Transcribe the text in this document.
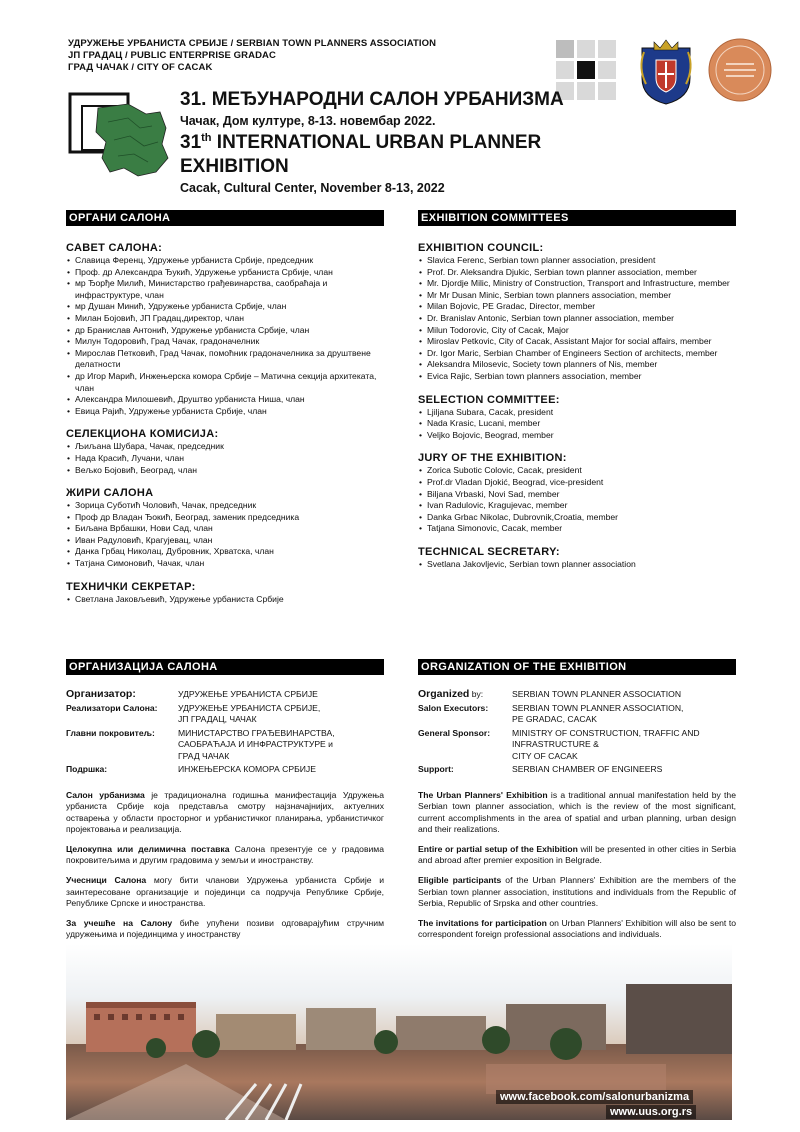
УДРУЖЕЊЕ УРБАНИСТА СРБИЈЕ / SERBIAN TOWN PLANNERS ASSOCIATION
ЈП ГРАДАЦ / PUBLIC ENTERPRISE GRADAC
ГРАД ЧАЧАК / CITY OF CACAK
31. МЕЂУНАРОДНИ САЛОН УРБАНИЗМА
Чачак, Дом културе, 8-13. новембар 2022.
31th INTERNATIONAL URBAN PLANNER EXHIBITION
Cacak, Cultural Center, November 8-13, 2022
ОРГАНИ САЛОНА
САВЕТ САЛОНА:
• Славица Ференц, Удружење урбаниста Србије, председник
• Проф. др Александра Ђукић, Удружење урбаниста Србије, члан
• мр Ђорђе Милић, Министарство грађевинарства, саобраћаја и инфраструктуре, члан
• мр Душан Минић, Удружење урбаниста Србије, члан
• Милан Бојовић, ЈП Градац,директор, члан
• др Бранислав Антонић, Удружење урбаниста Србије, члан
• Милун Тодоровић, Град Чачак, градоначелник
• Мирослав Петковић, Град Чачак, помоћник градоначелника за друштвене делатности
• др Игор Марић, Инжењерска комора Србије – Матична секција архитеката, члан
• Александра Милошевић, Друштво урбаниста Ниша, члан
• Евица Рајић, Удружење урбаниста Србије, члан
СЕЛЕКЦИОНА КОМИСИЈА:
• Љиљана Шубара, Чачак, председник
• Нада Красић, Лучани, члан
• Вељко Бојовић, Београд, члан
ЖИРИ САЛОНА
• Зорица Суботић Чоловић, Чачак, председник
• Проф др Владан Ђокић, Београд, заменик председника
• Биљана Врбашки, Нови Сад, члан
• Иван Радуловић, Крагујевац, члан
• Данка Грбац Николац, Дубровник, Хрватска, члан
• Татјана Симоновић, Чачак, члан
ТЕХНИЧКИ СЕКРЕТАР:
• Светлана Јаковљевић, Удружење урбаниста Србије
EXHIBITION COMMITTEES
EXHIBITION COUNCIL:
• Slavica Ferenc, Serbian town planner association, president
• Prof. Dr. Aleksandra Djukic, Serbian town planner association, member
• Mr. Djordje Milic, Ministry of Construction, Transport and Infrastructure, member
• Mr Mr Dusan Minic, Serbian town planners association, member
• Milan Bojovic, PE Gradac, Director, member
• Dr. Branislav Antonic, Serbian town planner association, member
• Milun Todorovic, City of Cacak, Major
• Miroslav Petkovic, City of Cacak, Assistant Major for social affairs, member
• Dr. Igor Maric, Serbian Chamber of Engineers Section of architects, member
• Aleksandra Milosevic, Society town planners of Nis, member
• Evica Rajic, Serbian town planners association, member
SELECTION COMMITTEE:
• Ljiljana Subara, Cacak, president
• Nada Krasic, Lucani, member
• Veljko Bojovic, Beograd, member
JURY OF THE EXHIBITION:
• Zorica Subotic Colovic, Cacak, president
• Prof.dr Vladan Djokić, Beograd, vice-president
• Biljana Vrbaski, Novi Sad, member
• Ivan Radulovic, Kragujevac, member
• Danka Grbac Nikolac, Dubrovnik,Croatia, member
• Tatjana Simonovic, Cacak, member
TECHNICAL SECRETARY:
• Svetlana Jakovljevic, Serbian town planner association
ОРГАНИЗАЦИЈА САЛОНА
Организатор:	УДРУЖЕЊЕ УРБАНИСТА СРБИЈЕ
Реализатори Салона:	УДРУЖЕЊЕ УРБАНИСТА СРБИЈЕ,
ЈП ГРАДАЦ, ЧАЧАК
Главни покровитељ:	МИНИСТАРСТВО ГРАЂЕВИНАРСТВА,
САОБРАЋАЈА И ИНФРАСТРУКТУРЕ и
ГРАД ЧАЧАК
Подршка:	ИНЖЕЊЕРСКА КОМОРА СРБИЈЕ

Салон урбанизма је традиционална годишња манифестација Удружења урбаниста Србије која представља смотру најзначајнијих, актуелних остварења у области просторног и урбанистичког планирања, урбанистичког пројектовања и реализација.

Целокупна или делимична поставка Салона презентује се у градовима покровитељима и другим градовима у земљи и иностранству.

Учесници Салона могу бити чланови Удружења урбаниста Србије и заинтересоване организације и појединци са подручја Републике Србије, Републике Српске и иностранства.

За учешће на Салону биће упућени позиви одговарајућим стручним удружењима и појединцима у иностранству

ORGANIZATION OF THE EXHIBITION
Organized by:	SERBIAN TOWN PLANNER ASSOCIATION
Salon Executors:	SERBIAN TOWN PLANNER ASSOCIATION,
PE GRADAC, CACAK
General Sponsor:	MINISTRY OF CONSTRUCTION, TRAFFIC AND
INFRASTRUCTURE &
CITY OF CACAK
Support:	SERBIAN CHAMBER OF ENGINEERS

The Urban Planners' Exhibition is a traditional annual manifestation held by the Serbian town planner association, which is the review of the most significant, current accomplishments in the area of spatial and urban planning, urban design and their realizations.

Entire or partial setup of the Exhibition will be presented in other cities in Serbia and abroad after premier exposition in Belgrade.

Eligible participants of the Urban Planners' Exhibition are the members of the Serbian town planner association, institutions and individuals from the Republic of Serbia, Republic of Srpska and other countries.

The invitations for participation on Urban Planners' Exhibition will also be sent to correspondent foreign professional associations and individuals.

www.facebook.com/salonurbanizma
www.uus.org.rs
